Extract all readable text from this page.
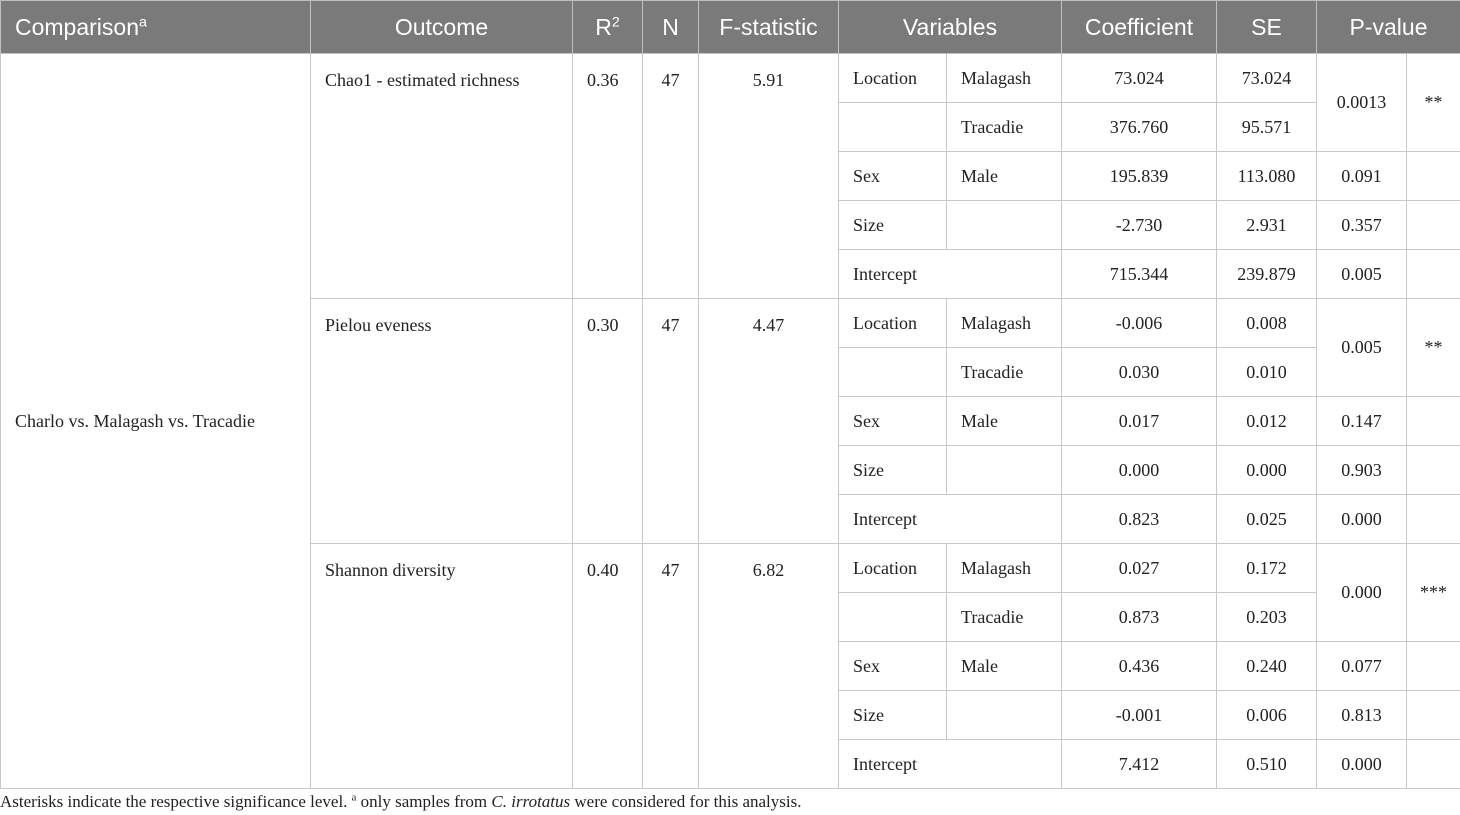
Comparison$^a$	Outcome	$R^2$	N	F-statistic	Variables		Coefficient	SE	P-value	
Charlo vs. Malagash vs. Tracadie	Chao1 - estimated richness	0.36	47	5.91	Location	Malagash	73.024	73.024	0.0013	**
						Tracadie	376.760	95.571		
					Sex	Male	195.839	113.080	0.091	
					Size		-2.730	2.931	0.357	
					Intercept		715.344	239.879	0.005	
	Pielou eveness	0.30	47	4.47	Location	Malagash	-0.006	0.008	0.005	**
						Tracadie	0.030	0.010		
					Sex	Male	0.017	0.012	0.147	
					Size		0.000	0.000	0.903	
					Intercept		0.823	0.025	0.000	
	Shannon diversity	0.40	47	6.82	Location	Malagash	0.027	0.172	0.000	***
						Tracadie	0.873	0.203		
					Sex	Male	0.436	0.240	0.077	
					Size		-0.001	0.006	0.813	
					Intercept		7.412	0.510	0.000	
Asterisks indicate the respective significance level. $^a$ only samples from C. irrotatus were considered for this analysis.
